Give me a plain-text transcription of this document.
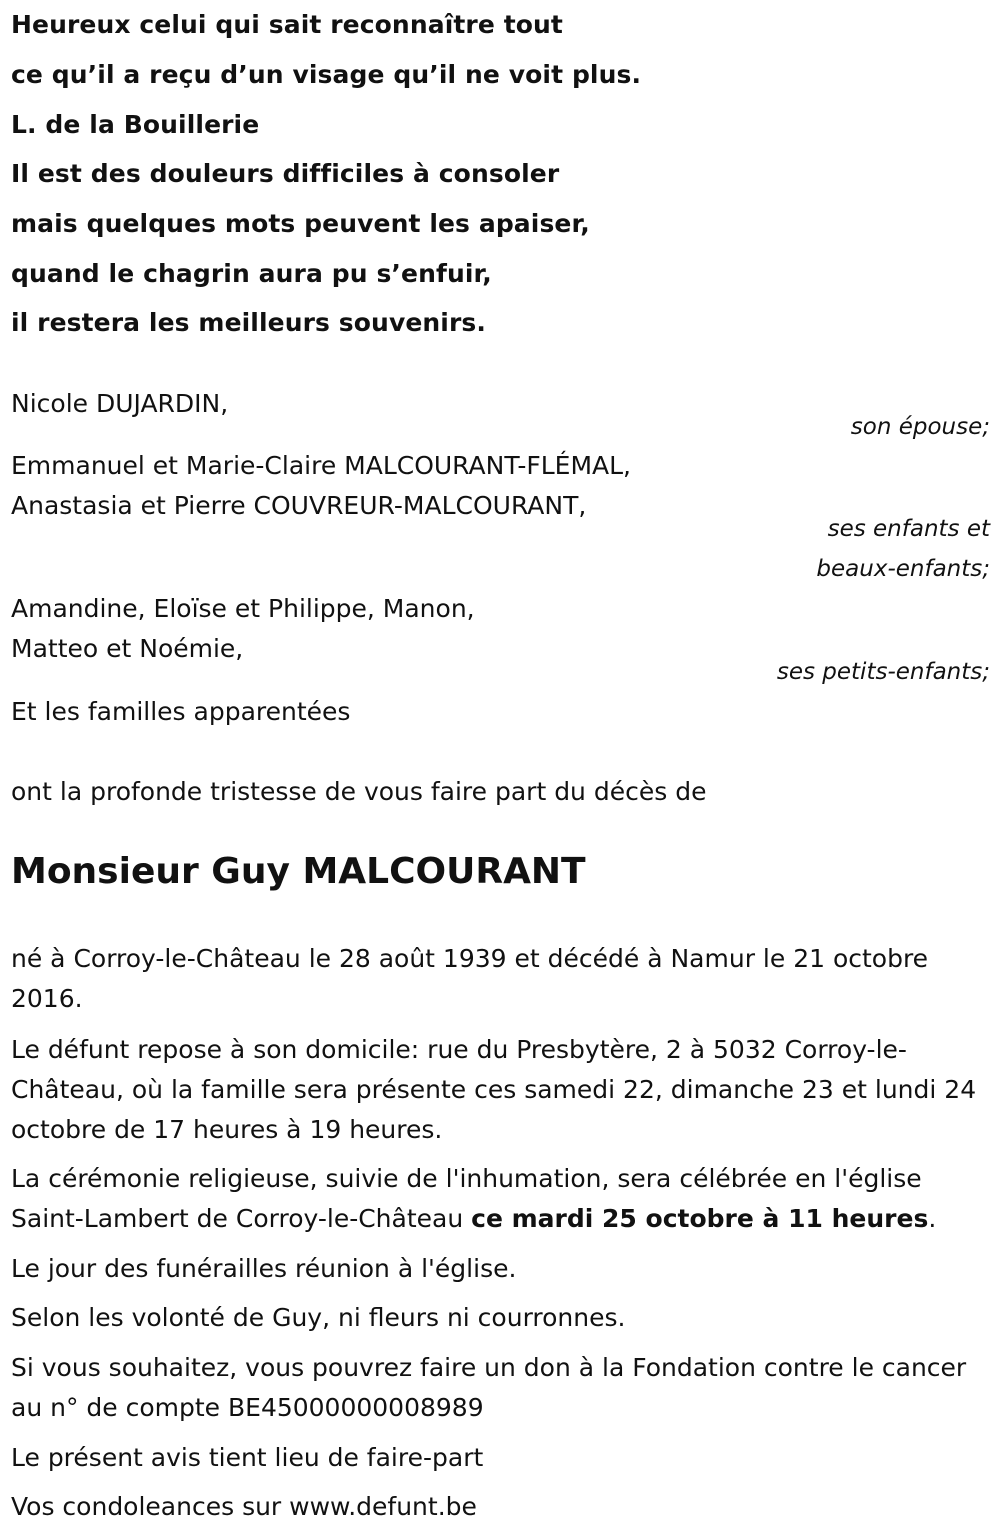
Heureux celui qui sait reconnaître tout
ce qu’il a reçu d’un visage qu’il ne voit plus.
L. de la Bouillerie
Il est des douleurs difficiles à consoler
mais quelques mots peuvent les apaiser,
quand le chagrin aura pu s’enfuir,
il restera les meilleurs souvenirs.
Nicole DUJARDIN,
son épouse;
Emmanuel et Marie-Claire MALCOURANT-FLÉMAL,
Anastasia et Pierre COUVREUR-MALCOURANT,
ses enfants et
beaux-enfants;
Amandine, Eloïse et Philippe, Manon,
Matteo et Noémie,
ses petits-enfants;
Et les familles apparentées
ont la profonde tristesse de vous faire part du décès de
Monsieur Guy MALCOURANT
né à Corroy-le-Château le 28 août 1939 et décédé à Namur le 21 octobre 2016.
Le défunt repose à son domicile: rue du Presbytère, 2 à 5032 Corroy-le-Château, où la famille sera présente ces samedi 22, dimanche 23 et lundi 24 octobre de 17 heures à 19 heures.
La cérémonie religieuse, suivie de l'inhumation, sera célébrée en l'église Saint-Lambert de Corroy-le-Château ce mardi 25 octobre à 11 heures.
Le jour des funérailles réunion à l'église.
Selon les volonté de Guy, ni fleurs ni courronnes.
Si vous souhaitez, vous pouvrez faire un don à la Fondation contre le cancer au n° de compte BE45000000008989
Le présent avis tient lieu de faire-part
Vos condoleances sur www.defunt.be
